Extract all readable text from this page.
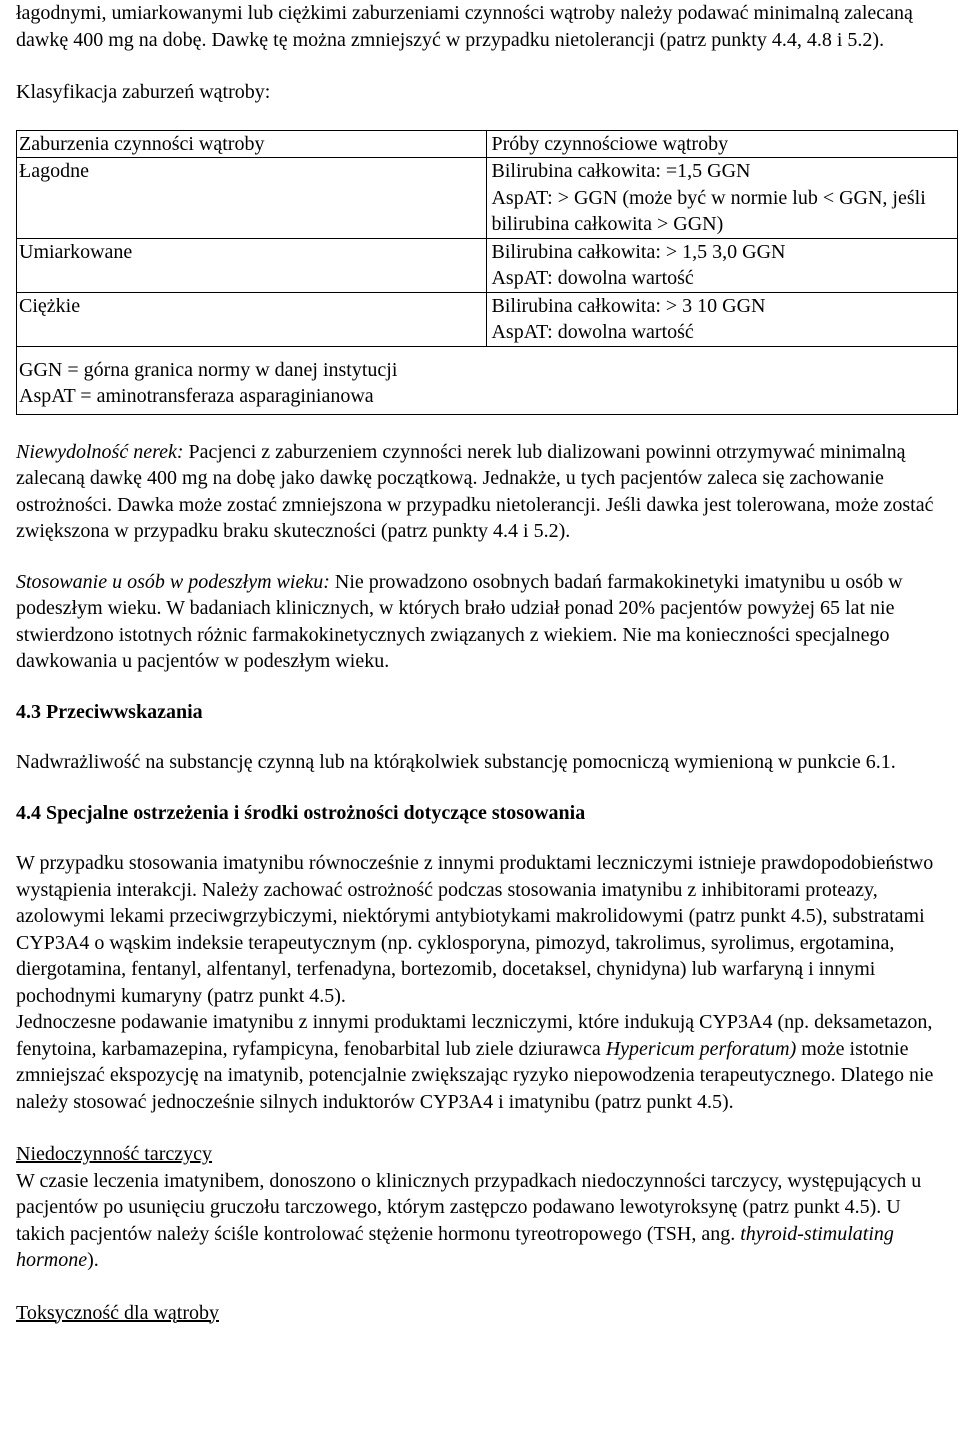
łagodnymi, umiarkowanymi lub ciężkimi zaburzeniami czynności wątroby należy podawać minimalną zalecaną dawkę 400 mg na dobę. Dawkę tę można zmniejszyć w przypadku nietolerancji (patrz punkty 4.4, 4.8 i 5.2).

Klasyfikacja zaburzeń wątroby:

Zaburzenia czynności wątroby	Próby czynnościowe wątroby
Łagodne	Bilirubina całkowita: =1,5 GGN
AspAT: > GGN (może być w normie lub < GGN, jeśli bilirubina całkowita > GGN)

Umiarkowane	Bilirubina całkowita: > 1,5 3,0 GGN
AspAT: dowolna wartość

Ciężkie	Bilirubina całkowita: > 3 10 GGN
AspAT: dowolna wartość

GGN = górna granica normy w danej instytucji
AspAT = aminotransferaza asparaginianowa	

Niewydolność nerek: Pacjenci z zaburzeniem czynności nerek lub dializowani powinni otrzymywać minimalną zalecaną dawkę 400 mg na dobę jako dawkę początkową. Jednakże, u tych pacjentów zaleca się zachowanie ostrożności. Dawka może zostać zmniejszona w przypadku nietolerancji. Jeśli dawka jest tolerowana, może zostać zwiększona w przypadku braku skuteczności (patrz punkty 4.4 i 5.2).

Stosowanie u osób w podeszłym wieku: Nie prowadzono osobnych badań farmakokinetyki imatynibu u osób w podeszłym wieku. W badaniach klinicznych, w których brało udział ponad 20% pacjentów powyżej 65 lat nie stwierdzono istotnych różnic farmakokinetycznych związanych z wiekiem. Nie ma konieczności specjalnego dawkowania u pacjentów w podeszłym wieku.

4.3 Przeciwwskazania

Nadwrażliwość na substancję czynną lub na którąkolwiek substancję pomocniczą wymienioną w punkcie 6.1.

4.4 Specjalne ostrzeżenia i środki ostrożności dotyczące stosowania

W przypadku stosowania imatynibu równocześnie z innymi produktami leczniczymi istnieje prawdopodobieństwo wystąpienia interakcji. Należy zachować ostrożność podczas stosowania imatynibu z inhibitorami proteazy, azolowymi lekami przeciwgrzybiczymi, niektórymi antybiotykami makrolidowymi (patrz punkt 4.5), substratami CYP3A4 o wąskim indeksie terapeutycznym (np. cyklosporyna, pimozyd, takrolimus, syrolimus, ergotamina, diergotamina, fentanyl, alfentanyl, terfenadyna, bortezomib, docetaksel, chynidyna) lub warfaryną i innymi pochodnymi kumaryny (patrz punkt 4.5).

Jednoczesne podawanie imatynibu z innymi produktami leczniczymi, które indukują CYP3A4 (np. deksametazon, fenytoina, karbamazepina, ryfampicyna, fenobarbital lub ziele dziurawca Hypericum perforatum) może istotnie zmniejszać ekspozycję na imatynib, potencjalnie zwiększając ryzyko niepowodzenia terapeutycznego. Dlatego nie należy stosować jednocześnie silnych induktorów CYP3A4 i imatynibu (patrz punkt 4.5).

Niedoczynność tarczycy

W czasie leczenia imatynibem, donoszono o klinicznych przypadkach niedoczynności tarczycy, występujących u pacjentów po usunięciu gruczołu tarczowego, którym zastępczo podawano lewotyroksynę (patrz punkt 4.5). U takich pacjentów należy ściśle kontrolować stężenie hormonu tyreotropowego (TSH, ang. thyroid-stimulating hormone).

Toksyczność dla wątroby
